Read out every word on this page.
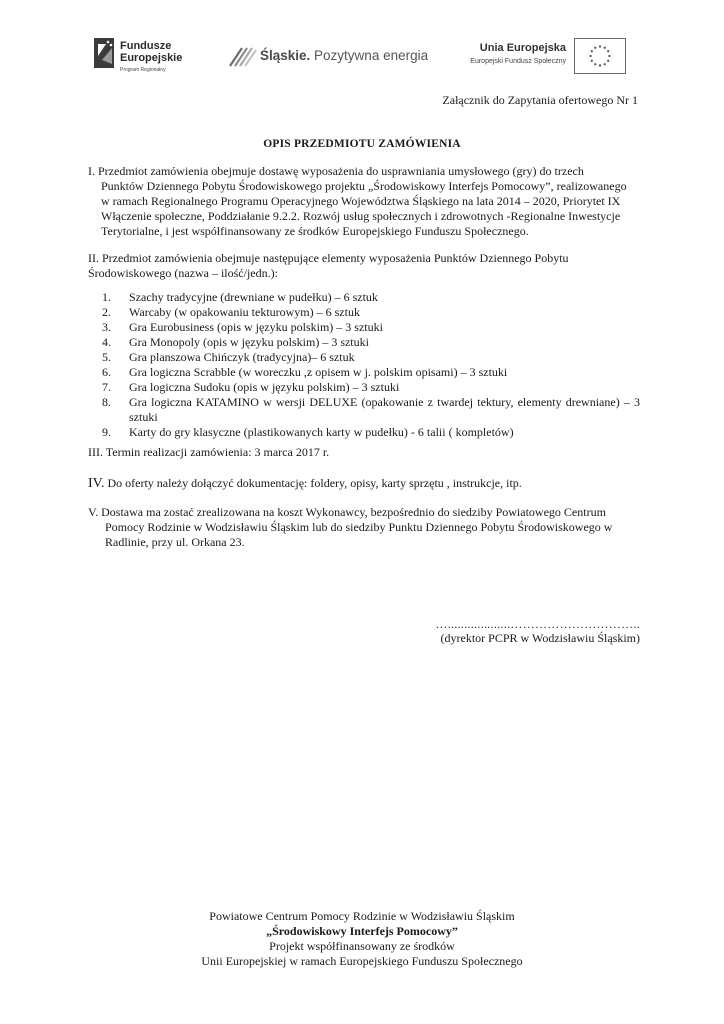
Fundusze
Europejskie
Program Regionalny
Śląskie. Pozytywna energia	Unia Europejska
Europejski Fundusz Społeczny
Załącznik do Zapytania ofertowego Nr 1
OPIS PRZEDMIOTU ZAMÓWIENIA
I. Przedmiot zamówienia obejmuje dostawę wyposażenia do usprawniania umysłowego (gry) do trzech
Punktów Dziennego Pobytu Środowiskowego projektu „Środowiskowy Interfejs Pomocowy”, realizowanego
w ramach Regionalnego Programu Operacyjnego Województwa Śląskiego na lata 2014 – 2020, Priorytet IX
Włączenie społeczne, Poddziałanie 9.2.2. Rozwój usług społecznych i zdrowotnych -Regionalne Inwestycje
Terytorialne, i jest współfinansowany ze środków Europejskiego Funduszu Społecznego.
II. Przedmiot zamówienia obejmuje następujące elementy wyposażenia Punktów Dziennego Pobytu
Środowiskowego (nazwa – ilość/jedn.):
1. Szachy tradycyjne (drewniane w pudełku) – 6 sztuk
2. Warcaby (w opakowaniu tekturowym) – 6 sztuk
3. Gra Eurobusiness (opis w języku polskim) – 3 sztuki
4. Gra Monopoly (opis w języku polskim) – 3 sztuki
5. Gra planszowa Chińczyk (tradycyjna)– 6 sztuk
6. Gra logiczna Scrabble (w woreczku ,z opisem w j. polskim opisami) – 3 sztuki
7. Gra logiczna Sudoku (opis w języku polskim) – 3 sztuki
8. Gra logiczna KATAMINO w wersji DELUXE (opakowanie z twardej tektury, elementy drewniane) – 3 sztuki
9. Karty do gry klasyczne (plastikowanych karty w pudełku) - 6 talii ( kompletów)
III. Termin realizacji zamówienia: 3 marca 2017 r.
IV. Do oferty należy dołączyć dokumentację: foldery, opisy, karty sprzętu , instrukcje, itp.
V. Dostawa ma zostać zrealizowana na koszt Wykonawcy, bezpośrednio do siedziby Powiatowego Centrum
Pomocy Rodzinie w Wodzisławiu Śląskim lub do siedziby Punktu Dziennego Pobytu Środowiskowego w
Radlinie, przy ul. Orkana 23.
…...................…………………………..
(dyrektor PCPR w Wodzisławiu Śląskim)
Powiatowe Centrum Pomocy Rodzinie w Wodzisławiu Śląskim
„Środowiskowy Interfejs Pomocowy”
Projekt współfinansowany ze środków
Unii Europejskiej w ramach Europejskiego Funduszu Społecznego
